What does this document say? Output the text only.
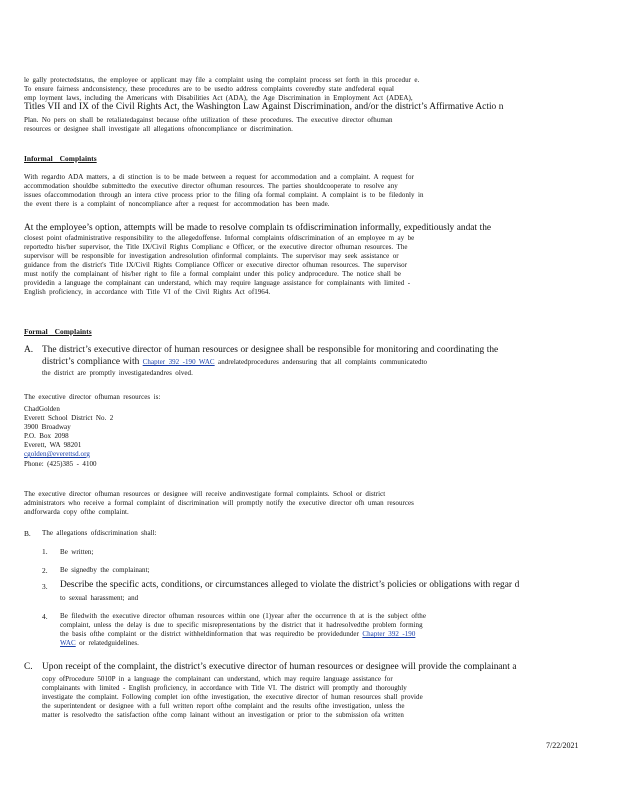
le gally protectedstatus, the employee or applicant may file a complaint using the complaint process set forth in this procedur e.
To ensure fairness andconsistency, these procedures are to be usedto address complaints coveredby state andfederal equal
emp loyment laws, including the Americans with Disabilities Act (ADA), the Age Discrimination in Employment Act (ADEA),
Titles VII and IX of the Civil Rights Act, the Washington Law Against Discrimination, and/or the district’s Affirmative Actio n
Plan. No pers on shall be retaliatedagainst because ofthe utilization of these procedures. The executive director ofhuman
resources or designee shall investigate all allegations ofnoncompliance or discrimination.
Informal Complaints
With regardto ADA matters, a di stinction is to be made between a request for accommodation and a complaint. A request for
accommodation shouldbe submittedto the executive director ofhuman resources. The parties shouldcooperate to resolve any
issues ofaccommodation through an intera ctive process prior to the filing ofa formal complaint. A complaint is to be filedonly in
the event there is a complaint of noncompliance after a request for accommodation has been made.
At the employee’s option, attempts will be made to resolve complain ts ofdiscrimination informally, expeditiously andat the
closest point ofadministrative responsibility to the allegedoffense. Informal complaints ofdiscrimination of an employee m ay be
reportedto his/her supervisor, the Title IX/Civil Rights Complianc e Officer, or the executive director ofhuman resources. The
supervisor will be responsible for investigation andresolution ofinformal complaints. The supervisor may seek assistance or
guidance from the district's Title IX/Civil Rights Compliance Officer or executive director ofhuman resources. The supervisor
must notify the complainant of his/her right to file a formal complaint under this policy andprocedure. The notice shall be
providedin a language the complainant can understand, which may require language assistance for complainants with limited -
English proficiency, in accordance with Title VI of the Civil Rights Act of1964.
Formal Complaints
A. The district’s executive director of human resources or designee shall be responsible for monitoring and coordinating the
district’s compliance with Chapter 392 -190 WAC andrelatedprocedures andensuring that all complaints communicatedto
the district are promptly investigatedandres olved.
The executive director ofhuman resources is:
ChadGolden
Everett School District No. 2
3900 Broadway
P.O. Box 2098
Everett, WA 98201
cgolden@everettsd.org
Phone: (425)385 - 4100
The executive director ofhuman resources or designee will receive andinvestigate formal complaints. School or district
administrators who receive a formal complaint of discrimination will promptly notify the executive director ofh uman resources
andforwarda copy ofthe complaint.
B. The allegations ofdiscrimination shall:
1. Be written;
2. Be signedby the complainant;
3. Describe the specific acts, conditions, or circumstances alleged to violate the district’s policies or obligations with regar d
to sexual harassment; and
4. Be filedwith the executive director ofhuman resources within one (1)year after the occurrence th at is the subject ofthe
complaint, unless the delay is due to specific misrepresentations by the district that it hadresolvedthe problem forming
the basis ofthe complaint or the district withheldinformation that was requiredto be providedunder Chapter 392 -190
WAC or relatedguidelines.
C. Upon receipt of the complaint, the district’s executive director of human resources or designee will provide the complainant a
copy ofProcedure 5010P in a language the complainant can understand, which may require language assistance for
complainants with limited - English proficiency, in accordance with Title VI. The district will promptly and thoroughly
investigate the complaint. Following complet ion ofthe investigation, the executive director of human resources shall provide
the superintendent or designee with a full written report ofthe complaint and the results ofthe investigation, unless the
matter is resolvedto the satisfaction ofthe comp lainant without an investigation or prior to the submission ofa written
7/22/2021
